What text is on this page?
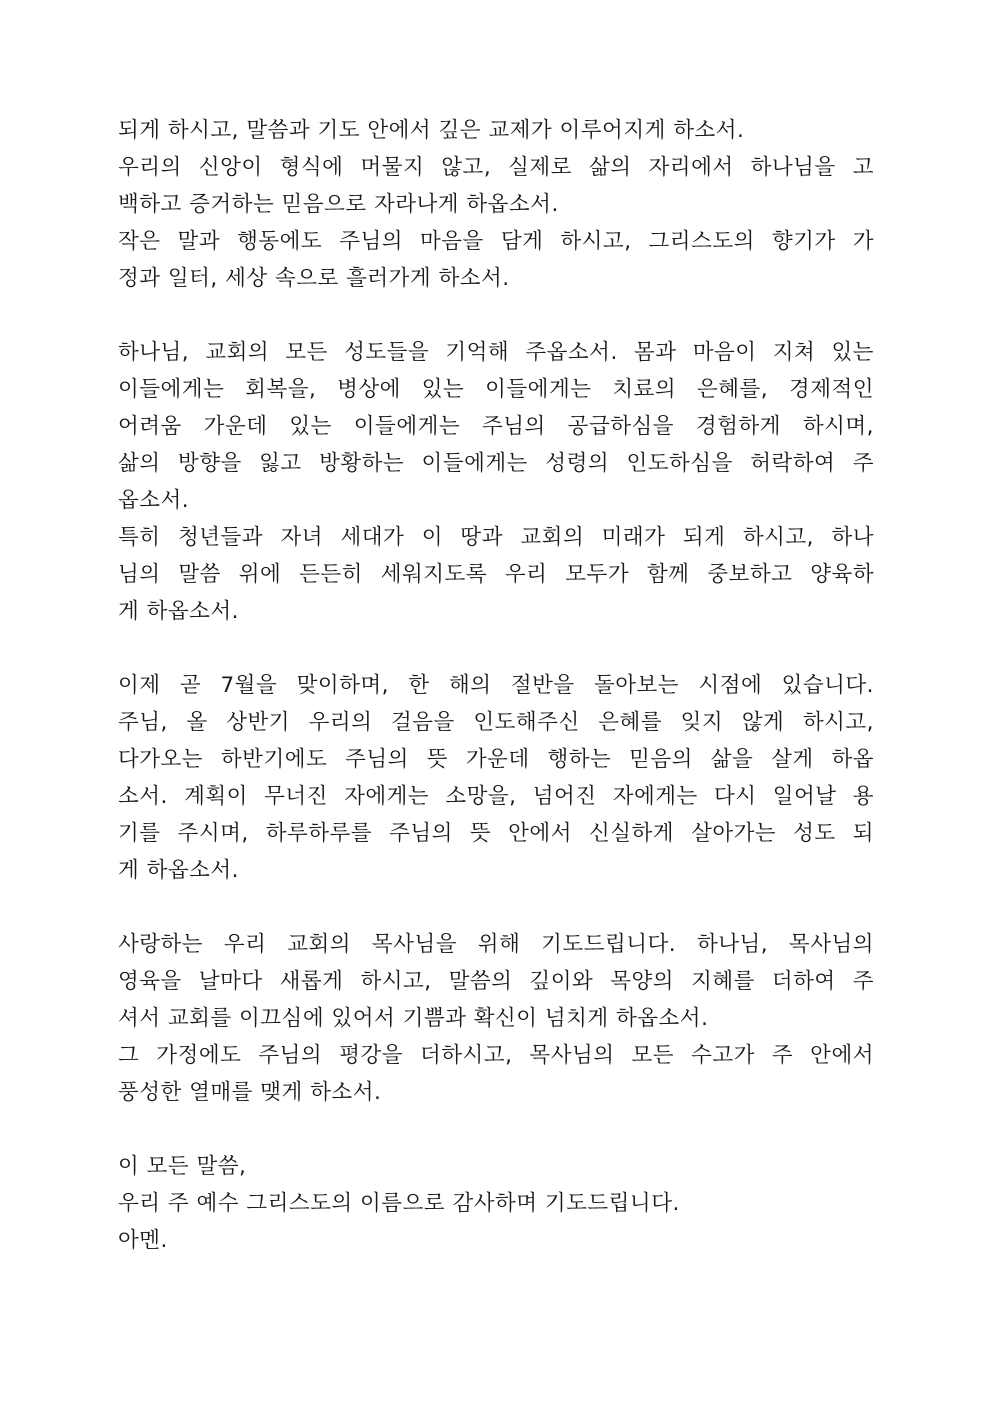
되게 하시고, 말씀과 기도 안에서 깊은 교제가 이루어지게 하소서.
우리의 신앙이 형식에 머물지 않고, 실제로 삶의 자리에서 하나님을 고
백하고 증거하는 믿음으로 자라나게 하옵소서.
작은 말과 행동에도 주님의 마음을 담게 하시고, 그리스도의 향기가 가
정과 일터, 세상 속으로 흘러가게 하소서.

하나님, 교회의 모든 성도들을 기억해 주옵소서. 몸과 마음이 지쳐 있는
이들에게는 회복을, 병상에 있는 이들에게는 치료의 은혜를, 경제적인
어려움 가운데 있는 이들에게는 주님의 공급하심을 경험하게 하시며,
삶의 방향을 잃고 방황하는 이들에게는 성령의 인도하심을 허락하여 주
옵소서.
특히 청년들과 자녀 세대가 이 땅과 교회의 미래가 되게 하시고, 하나
님의 말씀 위에 든든히 세워지도록 우리 모두가 함께 중보하고 양육하
게 하옵소서.

이제 곧 7월을 맞이하며, 한 해의 절반을 돌아보는 시점에 있습니다.
주님, 올 상반기 우리의 걸음을 인도해주신 은혜를 잊지 않게 하시고,
다가오는 하반기에도 주님의 뜻 가운데 행하는 믿음의 삶을 살게 하옵
소서. 계획이 무너진 자에게는 소망을, 넘어진 자에게는 다시 일어날 용
기를 주시며, 하루하루를 주님의 뜻 안에서 신실하게 살아가는 성도 되
게 하옵소서.

사랑하는 우리 교회의 목사님을 위해 기도드립니다. 하나님, 목사님의
영육을 날마다 새롭게 하시고, 말씀의 깊이와 목양의 지혜를 더하여 주
셔서 교회를 이끄심에 있어서 기쁨과 확신이 넘치게 하옵소서.
그 가정에도 주님의 평강을 더하시고, 목사님의 모든 수고가 주 안에서
풍성한 열매를 맺게 하소서.

이 모든 말씀,
우리 주 예수 그리스도의 이름으로 감사하며 기도드립니다.
아멘.
